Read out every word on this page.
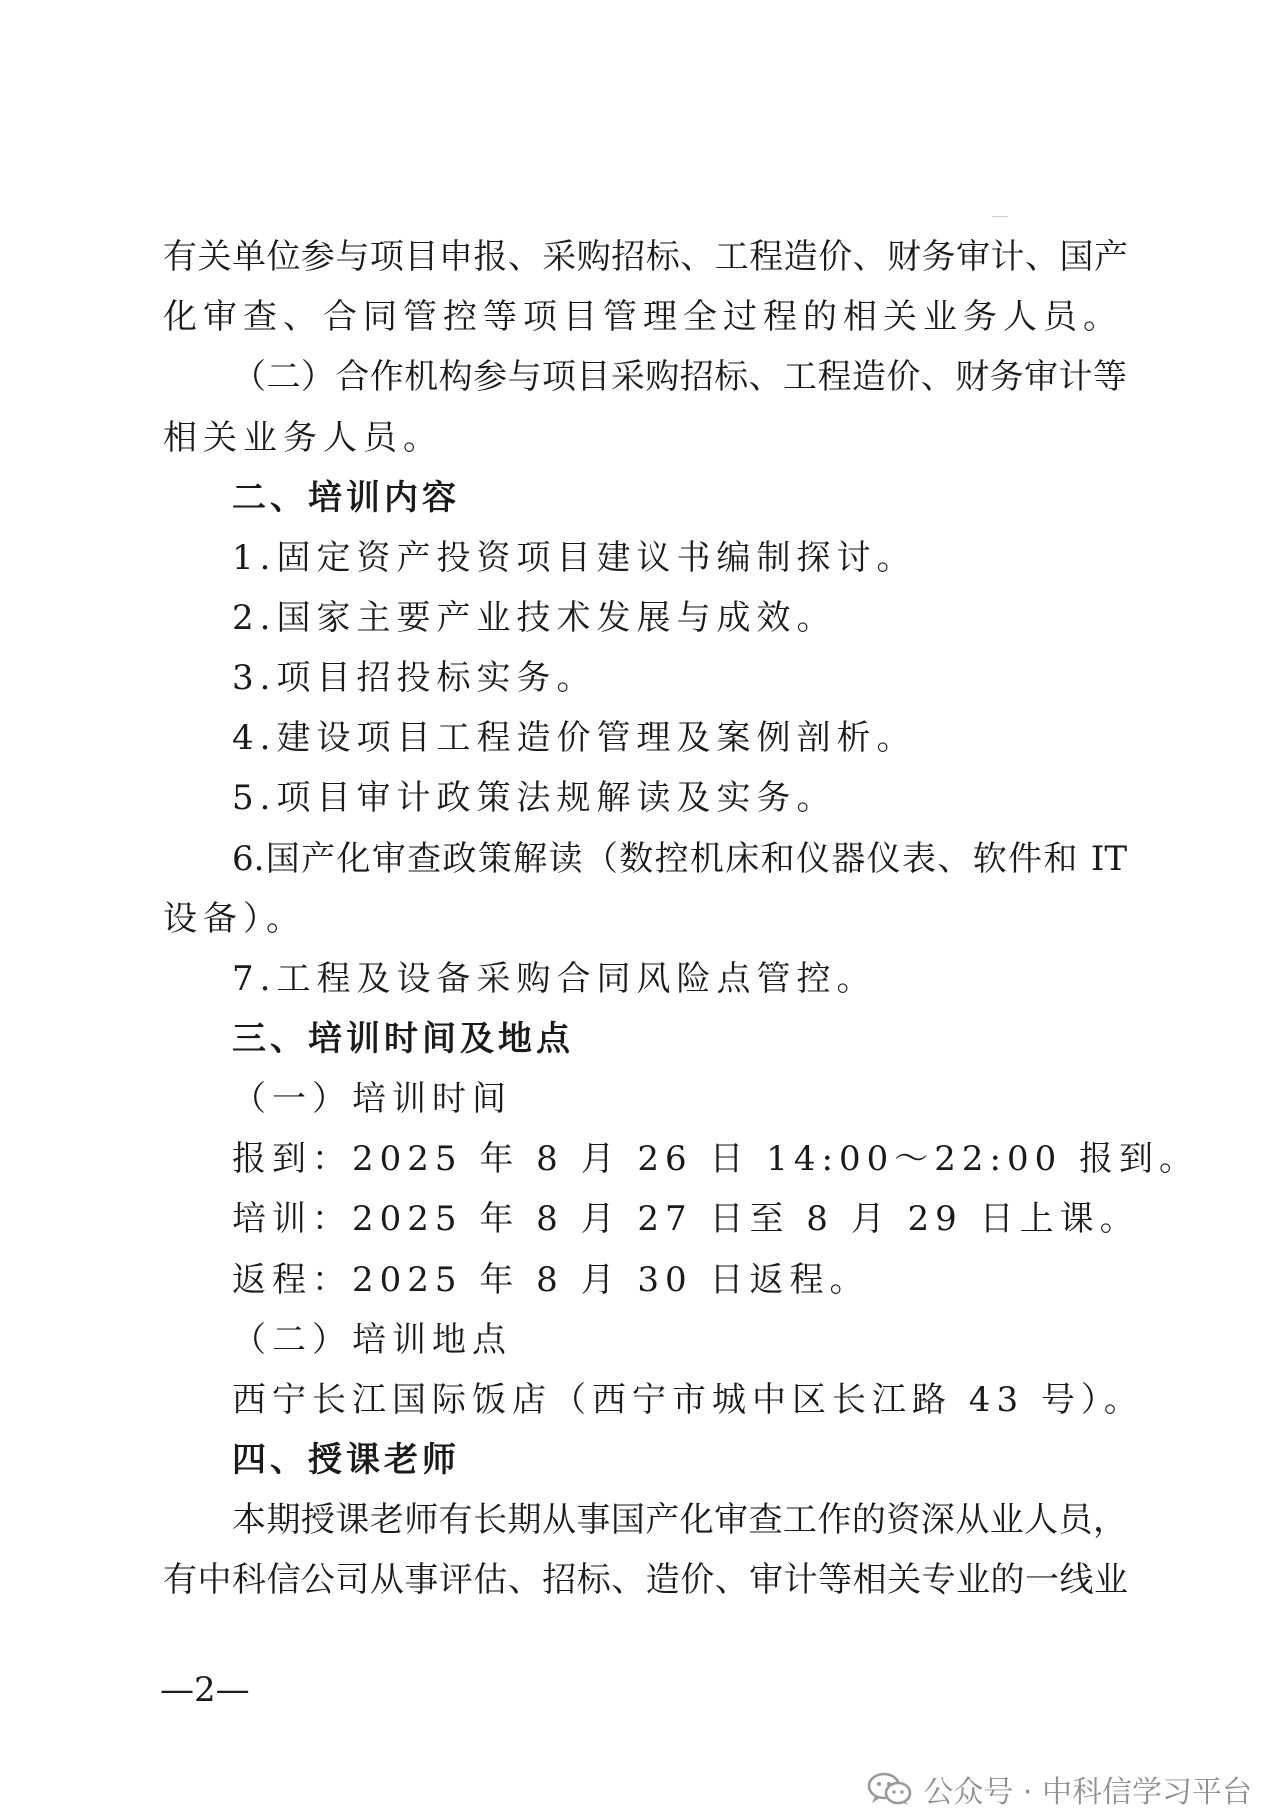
有关单位参与项目申报、采购招标、工程造价、财务审计、国产
化审查、合同管控等项目管理全过程的相关业务人员。
（二）合作机构参与项目采购招标、工程造价、财务审计等
相关业务人员。
二、培训内容
1.固定资产投资项目建议书编制探讨。
2.国家主要产业技术发展与成效。
3.项目招投标实务。
4.建设项目工程造价管理及案例剖析。
5.项目审计政策法规解读及实务。
6.国产化审查政策解读（数控机床和仪器仪表、软件和 IT
设备）。
7.工程及设备采购合同风险点管控。
三、培训时间及地点
（一）培训时间
报到：2025 年 8 月 26 日 14:00～22:00 报到。
培训：2025 年 8 月 27 日至 8 月 29 日上课。
返程：2025 年 8 月 30 日返程。
（二）培训地点
西宁长江国际饭店（西宁市城中区长江路 43 号）。
四、授课老师
本期授课老师有长期从事国产化审查工作的资深从业人员，
有中科信公司从事评估、招标、造价、审计等相关专业的一线业
—2—
公众号 · 中科信学习平台
